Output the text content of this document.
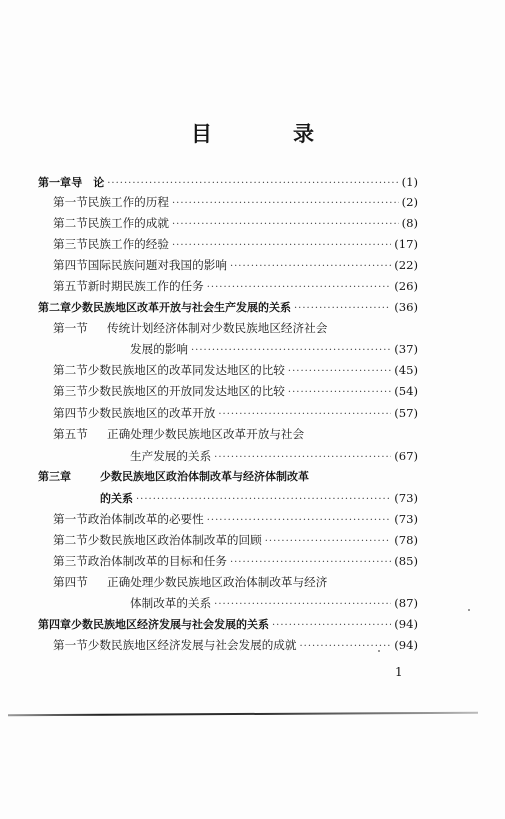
目　录
第一章 导　论 ·····	(1)
第一节 民族工作的历程 ·····	(2)
第二节 民族工作的成就 ·····	(8)
第三节 民族工作的经验 ·····	(17)
第四节 国际民族问题对我国的影响 ·····	(22)
第五节 新时期民族工作的任务 ·····	(26)
第二章 少数民族地区改革开放与社会生产发展的关系 ·····	(36)
第一节	传统计划经济体制对少数民族地区经济社会
发展的影响 ·····	(37)
第二节 少数民族地区的改革同发达地区的比较 ·····	(45)
第三节 少数民族地区的开放同发达地区的比较 ·····	(54)
第四节 少数民族地区的改革开放 ·····	(57)
第五节	正确处理少数民族地区改革开放与社会
生产发展的关系 ·····	(67)
第三章	少数民族地区政治体制改革与经济体制改革
的关系 ·····	(73)
第一节 政治体制改革的必要性 ·····	(73)
第二节 少数民族地区政治体制改革的回顾 ·····	(78)
第三节 政治体制改革的目标和任务 ·····	(85)
第四节	正确处理少数民族地区政治体制改革与经济
体制改革的关系 ·····	(87)
第四章 少数民族地区经济发展与社会发展的关系 ·····	(94)
第一节 少数民族地区经济发展与社会发展的成就 ·····	(94)
1
